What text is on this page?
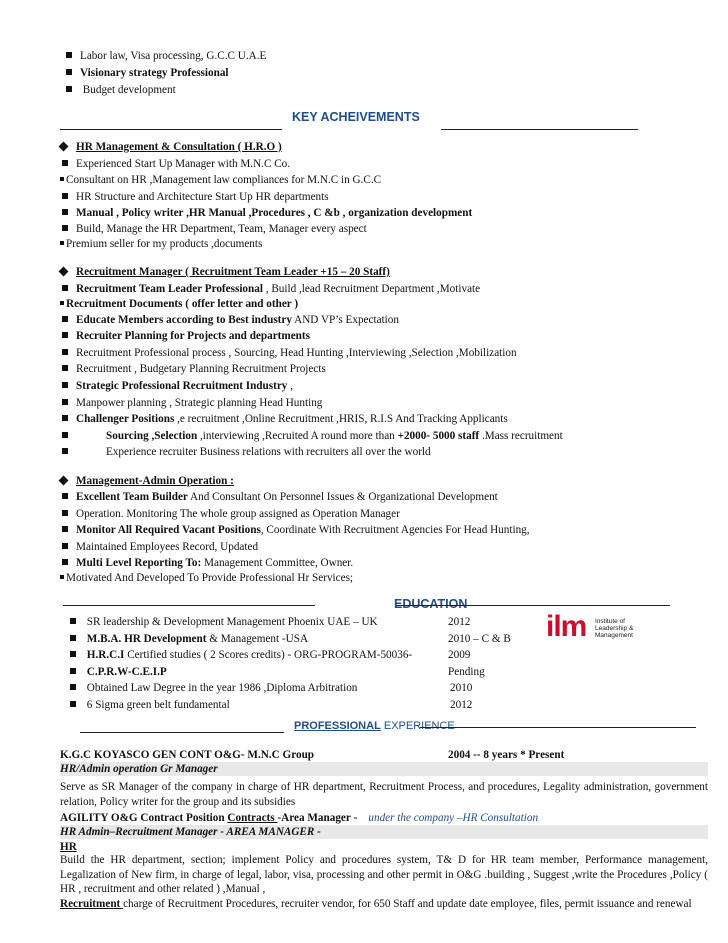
Labor law, Visa processing, G.C.C U.A.E
Visionary strategy Professional
Budget development
KEY ACHEIVEMENTS
HR Management & Consultation ( H.R.O )
Experienced Start Up Manager with M.N.C Co.
Consultant on HR ,Management law compliances for M.N.C in G.C.C
HR Structure and Architecture Start Up HR departments
Manual , Policy writer ,HR Manual ,Procedures , C &b , organization development
Build, Manage the HR Department, Team, Manager every aspect
Premium seller for my products ,documents
Recruitment Manager ( Recruitment Team Leader +15 – 20 Staff)
Recruitment Team Leader Professional , Build ,lead Recruitment Department ,Motivate
Recruitment Documents ( offer letter and other )
Educate Members according to Best industry AND VP’s Expectation
Recruiter Planning for Projects and departments
Recruitment Professional process , Sourcing, Head Hunting ,Interviewing ,Selection ,Mobilization
Recruitment , Budgetary Planning Recruitment Projects
Strategic Professional Recruitment Industry ,
Manpower planning , Strategic planning Head Hunting
Challenger Positions ,e recruitment ,Online Recruitment ,HRIS, R.I.S And Tracking Applicants
Sourcing ,Selection ,interviewing ,Recruited A round more than +2000- 5000 staff .Mass recruitment
Experience recruiter Business relations with recruiters all over the world
Management-Admin Operation :
Excellent Team Builder And Consultant On Personnel Issues & Organizational Development
Operation. Monitoring The whole group assigned as Operation Manager
Monitor All Required Vacant Positions, Coordinate With Recruitment Agencies For Head Hunting,
Maintained Employees Record, Updated
Multi Level Reporting To: Management Committee, Owner.
Motivated And Developed To Provide Professional Hr Services;
EDUCATION
SR leadership & Development Management Phoenix UAE – UK	2012
M.B.A. HR Development & Management -USA	2010 – C & B
H.R.C.I Certified studies ( 2 Scores credits) - ORG-PROGRAM-50036-	2009
C.P.R.W-C.E.I.P	Pending
Obtained Law Degree in the year 1986 ,Diploma Arbitration	2010
6 Sigma green belt fundamental	2012
ilm Institute of
Leadership &
Management
PROFESSIONAL EXPERIENCE
K.G.C KOYASCO GEN CONT O&G- M.N.C Group	2004 -- 8 years * Present
HR/Admin operation Gr Manager
Serve as SR Manager of the company in charge of HR department, Recruitment Process, and procedures, Legality administration, government relation, Policy writer for the group and its subsidies
AGILITY O&G Contract Position Contracts -Area Manager - under the company –HR Consultation
HR Admin–Recruitment Manager - AREA MANAGER -
HR
Build the HR department, section; implement Policy and procedures system, T& D for HR team member, Performance management, Legalization of New firm, in charge of legal, labor, visa, processing and other permit in O&G .building , Suggest ,write the Procedures ,Policy ( HR , recruitment and other related ) ,Manual ,
Recruitment charge of Recruitment Procedures, recruiter vendor, for 650 Staff and update date employee, files, permit issuance and renewal
